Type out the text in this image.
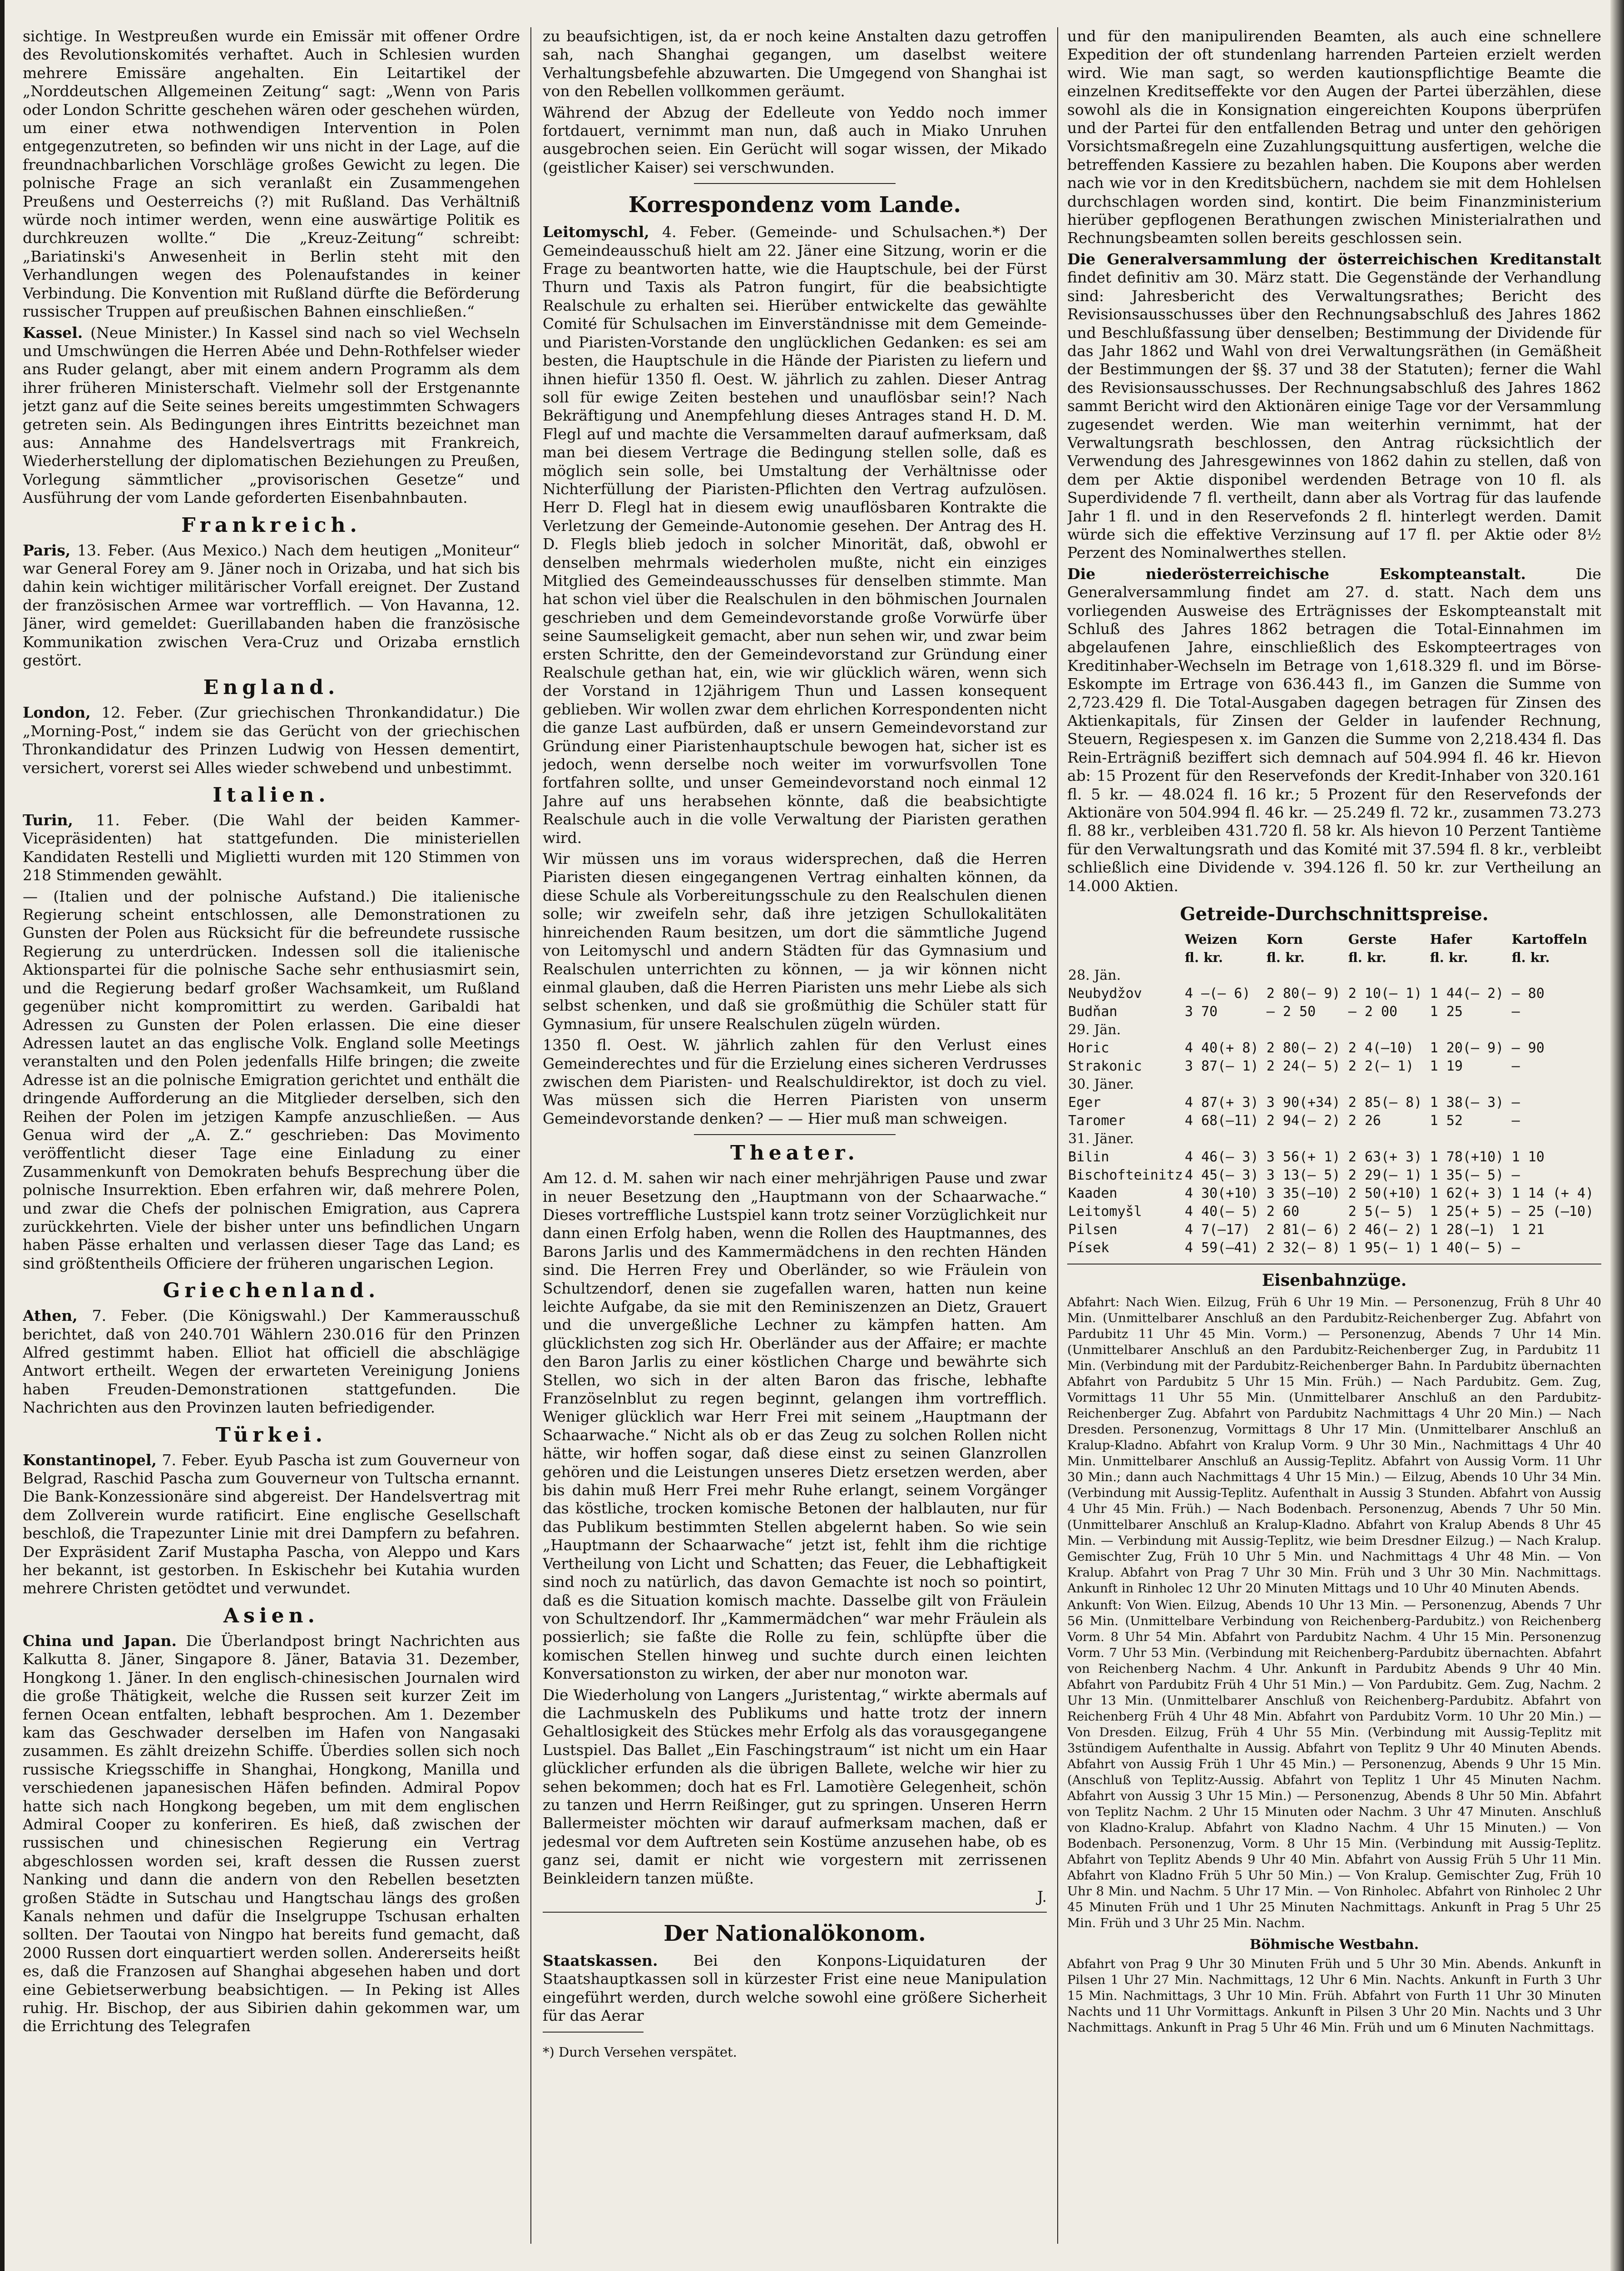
sichtige. In Westpreußen wurde ein Emissär mit offener Ordre des Revolutionskomités verhaftet. Auch in Schlesien wurden mehrere Emissäre angehalten. Ein Leitartikel der „Norddeutschen Allgemeinen Zeitung“ sagt: „Wenn von Paris oder London Schritte geschehen wären oder geschehen würden, um einer etwa nothwendigen Intervention in Polen entgegenzutreten, so befinden wir uns nicht in der Lage, auf die freundnachbarlichen Vorschläge großes Gewicht zu legen. Die polnische Frage an sich veranlaßt ein Zusammengehen Preußens und Oesterreichs (?) mit Rußland. Das Verhältniß würde noch intimer werden, wenn eine auswärtige Politik es durchkreuzen wollte.“ Die „Kreuz-Zeitung“ schreibt: „Bariatinski's Anwesenheit in Berlin steht mit den Verhandlungen wegen des Polenaufstandes in keiner Verbindung. Die Konvention mit Rußland dürfte die Beförderung russischer Truppen auf preußischen Bahnen einschließen.“

Kassel. (Neue Minister.) In Kassel sind nach so viel Wechseln und Umschwüngen die Herren Abée und Dehn-Rothfelser wieder ans Ruder gelangt, aber mit einem andern Programm als dem ihrer früheren Ministerschaft. Vielmehr soll der Erstgenannte jetzt ganz auf die Seite seines bereits umgestimmten Schwagers getreten sein. Als Bedingungen ihres Eintritts bezeichnet man aus: Annahme des Handelsvertrags mit Frankreich, Wiederherstellung der diplomatischen Beziehungen zu Preußen, Vorlegung sämmtlicher „provisorischen Gesetze“ und Ausführung der vom Lande geforderten Eisenbahnbauten.

Frankreich.

Paris, 13. Feber. (Aus Mexico.) Nach dem heutigen „Moniteur“ war General Forey am 9. Jäner noch in Orizaba, und hat sich bis dahin kein wichtiger militärischer Vorfall ereignet. Der Zustand der französischen Armee war vortrefflich. — Von Havanna, 12. Jäner, wird gemeldet: Guerillabanden haben die französische Kommunikation zwischen Vera-Cruz und Orizaba ernstlich gestört.

England.

London, 12. Feber. (Zur griechischen Thronkandidatur.) Die „Morning-Post,“ indem sie das Gerücht von der griechischen Thronkandidatur des Prinzen Ludwig von Hessen dementirt, versichert, vorerst sei Alles wieder schwebend und unbestimmt.

Italien.

Turin, 11. Feber. (Die Wahl der beiden Kammer-Vicepräsidenten) hat stattgefunden. Die ministeriellen Kandidaten Restelli und Miglietti wurden mit 120 Stimmen von 218 Stimmenden gewählt.

— (Italien und der polnische Aufstand.) Die italienische Regierung scheint entschlossen, alle Demonstrationen zu Gunsten der Polen aus Rücksicht für die befreundete russische Regierung zu unterdrücken. Indessen soll die italienische Aktionspartei für die polnische Sache sehr enthusiasmirt sein, und die Regierung bedarf großer Wachsamkeit, um Rußland gegenüber nicht kompromittirt zu werden. Garibaldi hat Adressen zu Gunsten der Polen erlassen. Die eine dieser Adressen lautet an das englische Volk. England solle Meetings veranstalten und den Polen jedenfalls Hilfe bringen; die zweite Adresse ist an die polnische Emigration gerichtet und enthält die dringende Aufforderung an die Mitglieder derselben, sich den Reihen der Polen im jetzigen Kampfe anzuschließen. — Aus Genua wird der „A. Z.“ geschrieben: Das Movimento veröffentlicht dieser Tage eine Einladung zu einer Zusammenkunft von Demokraten behufs Besprechung über die polnische Insurrektion. Eben erfahren wir, daß mehrere Polen, und zwar die Chefs der polnischen Emigration, aus Caprera zurückkehrten. Viele der bisher unter uns befindlichen Ungarn haben Pässe erhalten und verlassen dieser Tage das Land; es sind größtentheils Officiere der früheren ungarischen Legion.

Griechenland.

Athen, 7. Feber. (Die Königswahl.) Der Kammerausschuß berichtet, daß von 240.701 Wählern 230.016 für den Prinzen Alfred gestimmt haben. Elliot hat officiell die abschlägige Antwort ertheilt. Wegen der erwarteten Vereinigung Joniens haben Freuden-Demonstrationen stattgefunden. Die Nachrichten aus den Provinzen lauten befriedigender.

Türkei.

Konstantinopel, 7. Feber. Eyub Pascha ist zum Gouverneur von Belgrad, Raschid Pascha zum Gouverneur von Tultscha ernannt. Die Bank-Konzessionäre sind abgereist. Der Handelsvertrag mit dem Zollverein wurde ratificirt. Eine englische Gesellschaft beschloß, die Trapezunter Linie mit drei Dampfern zu befahren. Der Expräsident Zarif Mustapha Pascha, von Aleppo und Kars her bekannt, ist gestorben. In Eskischehr bei Kutahia wurden mehrere Christen getödtet und verwundet.

Asien.

China und Japan. Die Überlandpost bringt Nachrichten aus Kalkutta 8. Jäner, Singapore 8. Jäner, Batavia 31. Dezember, Hongkong 1. Jäner. In den englisch-chinesischen Journalen wird die große Thätigkeit, welche die Russen seit kurzer Zeit im fernen Ocean entfalten, lebhaft besprochen. Am 1. Dezember kam das Geschwader derselben im Hafen von Nangasaki zusammen. Es zählt dreizehn Schiffe. Überdies sollen sich noch russische Kriegsschiffe in Shanghai, Hongkong, Manilla und verschiedenen japanesischen Häfen befinden. Admiral Popov hatte sich nach Hongkong begeben, um mit dem englischen Admiral Cooper zu konferiren. Es hieß, daß zwischen der russischen und chinesischen Regierung ein Vertrag abgeschlossen worden sei, kraft dessen die Russen zuerst Nanking und dann die andern von den Rebellen besetzten großen Städte in Sutschau und Hangtschau längs des großen Kanals nehmen und dafür die Inselgruppe Tschusan erhalten sollten. Der Taoutai von Ningpo hat bereits fund gemacht, daß 2000 Russen dort einquartiert werden sollen. Andererseits heißt es, daß die Franzosen auf Shanghai abgesehen haben und dort eine Gebietserwerbung beabsichtigen. — In Peking ist Alles ruhig. Hr. Bischop, der aus Sibirien dahin gekommen war, um die Errichtung des Telegrafen

zu beaufsichtigen, ist, da er noch keine Anstalten dazu getroffen sah, nach Shanghai gegangen, um daselbst weitere Verhaltungsbefehle abzuwarten. Die Umgegend von Shanghai ist von den Rebellen vollkommen geräumt.

Während der Abzug der Edelleute von Yeddo noch immer fortdauert, vernimmt man nun, daß auch in Miako Unruhen ausgebrochen seien. Ein Gerücht will sogar wissen, der Mikado (geistlicher Kaiser) sei verschwunden.

Korrespondenz vom Lande.

Leitomyschl, 4. Feber. (Gemeinde- und Schulsachen.*) Der Gemeindeausschuß hielt am 22. Jäner eine Sitzung, worin er die Frage zu beantworten hatte, wie die Hauptschule, bei der Fürst Thurn und Taxis als Patron fungirt, für die beabsichtigte Realschule zu erhalten sei. Hierüber entwickelte das gewählte Comité für Schulsachen im Einverständnisse mit dem Gemeinde- und Piaristen-Vorstande den unglücklichen Gedanken: es sei am besten, die Hauptschule in die Hände der Piaristen zu liefern und ihnen hiefür 1350 fl. Oest. W. jährlich zu zahlen. Dieser Antrag soll für ewige Zeiten bestehen und unauflösbar sein!? Nach Bekräftigung und Anempfehlung dieses Antrages stand H. D. M. Flegl auf und machte die Versammelten darauf aufmerksam, daß man bei diesem Vertrage die Bedingung stellen solle, daß es möglich sein solle, bei Umstaltung der Verhältnisse oder Nichterfüllung der Piaristen-Pflichten den Vertrag aufzulösen. Herr D. Flegl hat in diesem ewig unauflösbaren Kontrakte die Verletzung der Gemeinde-Autonomie gesehen. Der Antrag des H. D. Flegls blieb jedoch in solcher Minorität, daß, obwohl er denselben mehrmals wiederholen mußte, nicht ein einziges Mitglied des Gemeindeausschusses für denselben stimmte. Man hat schon viel über die Realschulen in den böhmischen Journalen geschrieben und dem Gemeindevorstande große Vorwürfe über seine Saumseligkeit gemacht, aber nun sehen wir, und zwar beim ersten Schritte, den der Gemeindevorstand zur Gründung einer Realschule gethan hat, ein, wie wir glücklich wären, wenn sich der Vorstand in 12jährigem Thun und Lassen konsequent geblieben. Wir wollen zwar dem ehrlichen Korrespondenten nicht die ganze Last aufbürden, daß er unsern Gemeindevorstand zur Gründung einer Piaristenhauptschule bewogen hat, sicher ist es jedoch, wenn derselbe noch weiter im vorwurfsvollen Tone fortfahren sollte, und unser Gemeindevorstand noch einmal 12 Jahre auf uns herabsehen könnte, daß die beabsichtigte Realschule auch in die volle Verwaltung der Piaristen gerathen wird.

Wir müssen uns im voraus widersprechen, daß die Herren Piaristen diesen eingegangenen Vertrag einhalten können, da diese Schule als Vorbereitungsschule zu den Realschulen dienen solle; wir zweifeln sehr, daß ihre jetzigen Schullokalitäten hinreichenden Raum besitzen, um dort die sämmtliche Jugend von Leitomyschl und andern Städten für das Gymnasium und Realschulen unterrichten zu können, — ja wir können nicht einmal glauben, daß die Herren Piaristen uns mehr Liebe als sich selbst schenken, und daß sie großmüthig die Schüler statt für Gymnasium, für unsere Realschulen zügeln würden.

1350 fl. Oest. W. jährlich zahlen für den Verlust eines Gemeinderechtes und für die Erzielung eines sicheren Verdrusses zwischen dem Piaristen- und Realschuldirektor, ist doch zu viel. Was müssen sich die Herren Piaristen von unserm Gemeindevorstande denken? — — Hier muß man schweigen.

Theater.

Am 12. d. M. sahen wir nach einer mehrjährigen Pause und zwar in neuer Besetzung den „Hauptmann von der Schaarwache.“ Dieses vortreffliche Lustspiel kann trotz seiner Vorzüglichkeit nur dann einen Erfolg haben, wenn die Rollen des Hauptmannes, des Barons Jarlis und des Kammermädchens in den rechten Händen sind. Die Herren Frey und Oberländer, so wie Fräulein von Schultzendorf, denen sie zugefallen waren, hatten nun keine leichte Aufgabe, da sie mit den Reminiszenzen an Dietz, Grauert und die unvergeßliche Lechner zu kämpfen hatten. Am glücklichsten zog sich Hr. Oberländer aus der Affaire; er machte den Baron Jarlis zu einer köstlichen Charge und bewährte sich Stellen, wo sich in der alten Baron das frische, lebhafte Französelnblut zu regen beginnt, gelangen ihm vortrefflich. Weniger glücklich war Herr Frei mit seinem „Hauptmann der Schaarwache.“ Nicht als ob er das Zeug zu solchen Rollen nicht hätte, wir hoffen sogar, daß diese einst zu seinen Glanzrollen gehören und die Leistungen unseres Dietz ersetzen werden, aber bis dahin muß Herr Frei mehr Ruhe erlangt, seinem Vorgänger das köstliche, trocken komische Betonen der halblauten, nur für das Publikum bestimmten Stellen abgelernt haben. So wie sein „Hauptmann der Schaarwache“ jetzt ist, fehlt ihm die richtige Vertheilung von Licht und Schatten; das Feuer, die Lebhaftigkeit sind noch zu natürlich, das davon Gemachte ist noch so pointirt, daß es die Situation komisch machte. Dasselbe gilt von Fräulein von Schultzendorf. Ihr „Kammermädchen“ war mehr Fräulein als possierlich; sie faßte die Rolle zu fein, schlüpfte über die komischen Stellen hinweg und suchte durch einen leichten Konversationston zu wirken, der aber nur monoton war.

Die Wiederholung von Langers „Juristentag,“ wirkte abermals auf die Lachmuskeln des Publikums und hatte trotz der innern Gehaltlosigkeit des Stückes mehr Erfolg als das vorausgegangene Lustspiel. Das Ballet „Ein Faschingstraum“ ist nicht um ein Haar glücklicher erfunden als die übrigen Ballete, welche wir hier zu sehen bekommen; doch hat es Frl. Lamotière Gelegenheit, schön zu tanzen und Herrn Reißinger, gut zu springen. Unseren Herrn Ballermeister möchten wir darauf aufmerksam machen, daß er jedesmal vor dem Auftreten sein Kostüme anzusehen habe, ob es ganz sei, damit er nicht wie vorgestern mit zerrissenen Beinkleidern tanzen müßte.

J.
Der Nationalökonom.

Staatskassen. Bei den Konpons-Liquidaturen der Staatshauptkassen soll in kürzester Frist eine neue Manipulation eingeführt werden, durch welche sowohl eine größere Sicherheit für das Aerar

*) Durch Versehen verspätet.

und für den manipulirenden Beamten, als auch eine schnellere Expedition der oft stundenlang harrenden Parteien erzielt werden wird. Wie man sagt, so werden kautionspflichtige Beamte die einzelnen Kreditseffekte vor den Augen der Partei überzählen, diese sowohl als die in Konsignation eingereichten Koupons überprüfen und der Partei für den entfallenden Betrag und unter den gehörigen Vorsichtsmaßregeln eine Zuzahlungsquittung ausfertigen, welche die betreffenden Kassiere zu bezahlen haben. Die Koupons aber werden nach wie vor in den Kreditsbüchern, nachdem sie mit dem Hohlelsen durchschlagen worden sind, kontirt. Die beim Finanzministerium hierüber gepflogenen Berathungen zwischen Ministerialrathen und Rechnungsbeamten sollen bereits geschlossen sein.

Die Generalversammlung der österreichischen Kreditanstalt findet definitiv am 30. März statt. Die Gegenstände der Verhandlung sind: Jahresbericht des Verwaltungsrathes; Bericht des Revisionsausschusses über den Rechnungsabschluß des Jahres 1862 und Beschlußfassung über denselben; Bestimmung der Dividende für das Jahr 1862 und Wahl von drei Verwaltungsräthen (in Gemäßheit der Bestimmungen der §§. 37 und 38 der Statuten); ferner die Wahl des Revisionsausschusses. Der Rechnungsabschluß des Jahres 1862 sammt Bericht wird den Aktionären einige Tage vor der Versammlung zugesendet werden. Wie man weiterhin vernimmt, hat der Verwaltungsrath beschlossen, den Antrag rücksichtlich der Verwendung des Jahresgewinnes von 1862 dahin zu stellen, daß von dem per Aktie disponibel werdenden Betrage von 10 fl. als Superdividende 7 fl. vertheilt, dann aber als Vortrag für das laufende Jahr 1 fl. und in den Reservefonds 2 fl. hinterlegt werden. Damit würde sich die effektive Verzinsung auf 17 fl. per Aktie oder 8½ Perzent des Nominalwerthes stellen.

Die niederösterreichische Eskompteanstalt.	Die Generalversammlung findet am 27. d. statt. Nach dem uns vorliegenden Ausweise des Erträgnisses der Eskompteanstalt mit Schluß des Jahres 1862 betragen die Total-Einnahmen im abgelaufenen Jahre, einschließlich des Eskompteertrages von Kreditinhaber-Wechseln im Betrage von 1,618.329 fl. und im Börse-Eskompte im Ertrage von 636.443 fl., im Ganzen die Summe von 2,723.429 fl. Die Total-Ausgaben dagegen betragen für Zinsen des Aktienkapitals, für Zinsen der Gelder in laufender Rechnung, Steuern, Regiespesen x. im Ganzen die Summe von 2,218.434 fl. Das Rein-Erträgniß beziffert sich demnach auf 504.994 fl. 46 kr. Hievon ab: 15 Prozent für den Reservefonds der Kredit-Inhaber von 320.161 fl. 5 kr. — 48.024 fl. 16 kr.; 5 Prozent für den Reservefonds der Aktionäre von 504.994 fl. 46 kr. — 25.249 fl. 72 kr., zusammen 73.273 fl. 88 kr., verbleiben 431.720 fl. 58 kr. Als hievon 10 Perzent Tantième für den Verwaltungsrath und das Komité mit 37.594 fl. 8 kr., verbleibt schließlich eine Dividende v. 394.126 fl. 50 kr. zur Vertheilung an 14.000 Aktien.

Getreide-Durchschnittspreise.
	Weizen	Korn	Gerste	Hafer	Kartoffeln
	fl. kr.	fl. kr.	fl. kr.	fl. kr.	fl. kr.
28. Jän.					
Neubydžov	4 —(— 6)	2 80(— 9)	2 10(— 1)	1 44(— 2)	— 80
Budňan	3 70	— 2 50	— 2 00	1 25	—
29. Jän.					
Horic	4 40(+ 8)	2 80(— 2)	2 4(—10)	1 20(— 9)	— 90
Strakonic	3 87(— 1)	2 24(— 5)	2 2(— 1)	1 19	—
30. Jäner.					
Eger	4 87(+ 3)	3 90(+34)	2 85(— 8)	1 38(— 3)	—
Taromer	4 68(—11)	2 94(— 2)	2 26	1 52	—
31. Jäner.					
Bilin	4 46(— 3)	3 56(+ 1)	2 63(+ 3)	1 78(+10)	1 10
Bischofteinitz	4 45(— 3)	3 13(— 5)	2 29(— 1)	1 35(— 5)	—
Kaaden	4 30(+10)	3 35(—10)	2 50(+10)	1 62(+ 3)	1 14 (+ 4)
Leitomyšl	4 40(— 5)	2 60	2 5(— 5)	1 25(+ 5)	— 25 (—10)
Pilsen	4 7(—17)	2 81(— 6)	2 46(— 2)	1 28(—1)	1 21
Písek	4 59(—41)	2 32(— 8)	1 95(— 1)	1 40(— 5)	—
Eisenbahnzüge.

Abfahrt: Nach Wien. Eilzug, Früh 6 Uhr 19 Min. — Personenzug, Früh 8 Uhr 40 Min. (Unmittelbarer Anschluß an den Pardubitz-Reichenberger Zug. Abfahrt von Pardubitz 11 Uhr 45 Min. Vorm.) — Personenzug, Abends 7 Uhr 14 Min. (Unmittelbarer Anschluß an den Pardubitz-Reichenberger Zug, in Pardubitz 11 Min. (Verbindung mit der Pardubitz-Reichenberger Bahn. In Pardubitz übernachten Abfahrt von Pardubitz 5 Uhr 15 Min. Früh.) — Nach Pardubitz. Gem. Zug, Vormittags 11 Uhr 55 Min. (Unmittelbarer Anschluß an den Pardubitz-Reichenberger Zug. Abfahrt von Pardubitz Nachmittags 4 Uhr 20 Min.) — Nach Dresden. Personenzug, Vormittags 8 Uhr 17 Min. (Unmittelbarer Anschluß an Kralup-Kladno. Abfahrt von Kralup Vorm. 9 Uhr 30 Min., Nachmittags 4 Uhr 40 Min. Unmittelbarer Anschluß an Aussig-Teplitz. Abfahrt von Aussig Vorm. 11 Uhr 30 Min.; dann auch Nachmittags 4 Uhr 15 Min.) — Eilzug, Abends 10 Uhr 34 Min. (Verbindung mit Aussig-Teplitz. Aufenthalt in Aussig 3 Stunden. Abfahrt von Aussig 4 Uhr 45 Min. Früh.) — Nach Bodenbach. Personenzug, Abends 7 Uhr 50 Min. (Unmittelbarer Anschluß an Kralup-Kladno. Abfahrt von Kralup Abends 8 Uhr 45 Min. — Verbindung mit Aussig-Teplitz, wie beim Dresdner Eilzug.) — Nach Kralup. Gemischter Zug, Früh 10 Uhr 5 Min. und Nachmittags 4 Uhr 48 Min. — Von Kralup. Abfahrt von Prag 7 Uhr 30 Min. Früh und 3 Uhr 30 Min. Nachmittags. Ankunft in Rinholec 12 Uhr 20 Minuten Mittags und 10 Uhr 40 Minuten Abends.

Ankunft: Von Wien. Eilzug, Abends 10 Uhr 13 Min. — Personenzug, Abends 7 Uhr 56 Min. (Unmittelbare Verbindung von Reichenberg-Pardubitz.) von Reichenberg Vorm. 8 Uhr 54 Min. Abfahrt von Pardubitz Nachm. 4 Uhr 15 Min. Personenzug Vorm. 7 Uhr 53 Min. (Verbindung mit Reichenberg-Pardubitz übernachten. Abfahrt von Reichenberg Nachm. 4 Uhr. Ankunft in Pardubitz Abends 9 Uhr 40 Min. Abfahrt von Pardubitz Früh 4 Uhr 51 Min.) — Von Pardubitz. Gem. Zug, Nachm. 2 Uhr 13 Min. (Unmittelbarer Anschluß von Reichenberg-Pardubitz. Abfahrt von Reichenberg Früh 4 Uhr 48 Min. Abfahrt von Pardubitz Vorm. 10 Uhr 20 Min.) — Von Dresden. Eilzug, Früh 4 Uhr 55 Min. (Verbindung mit Aussig-Teplitz mit 3stündigem Aufenthalte in Aussig. Abfahrt von Teplitz 9 Uhr 40 Minuten Abends. Abfahrt von Aussig Früh 1 Uhr 45 Min.) — Personenzug, Abends 9 Uhr 15 Min. (Anschluß von Teplitz-Aussig. Abfahrt von Teplitz 1 Uhr 45 Minuten Nachm. Abfahrt von Aussig 3 Uhr 15 Min.) — Personenzug, Abends 8 Uhr 50 Min. Abfahrt von Teplitz Nachm. 2 Uhr 15 Minuten oder Nachm. 3 Uhr 47 Minuten. Anschluß von Kladno-Kralup. Abfahrt von Kladno Nachm. 4 Uhr 15 Minuten.) — Von Bodenbach. Personenzug, Vorm. 8 Uhr 15 Min. (Verbindung mit Aussig-Teplitz. Abfahrt von Teplitz Abends 9 Uhr 40 Min. Abfahrt von Aussig Früh 5 Uhr 11 Min. Abfahrt von Kladno Früh 5 Uhr 50 Min.) — Von Kralup. Gemischter Zug, Früh 10 Uhr 8 Min. und Nachm. 5 Uhr 17 Min. — Von Rinholec. Abfahrt von Rinholec 2 Uhr 45 Minuten Früh und 1 Uhr 25 Minuten Nachmittags. Ankunft in Prag 5 Uhr 25 Min. Früh und 3 Uhr 25 Min. Nachm.

Böhmische Westbahn.

Abfahrt von Prag 9 Uhr 30 Minuten Früh und 5 Uhr 30 Min. Abends. Ankunft in Pilsen 1 Uhr 27 Min. Nachmittags, 12 Uhr 6 Min. Nachts. Ankunft in Furth 3 Uhr 15 Min. Nachmittags, 3 Uhr 10 Min. Früh. Abfahrt von Furth 11 Uhr 30 Minuten Nachts und 11 Uhr Vormittags. Ankunft in Pilsen 3 Uhr 20 Min. Nachts und 3 Uhr Nachmittags. Ankunft in Prag 5 Uhr 46 Min. Früh und um 6 Minuten Nachmittags.
